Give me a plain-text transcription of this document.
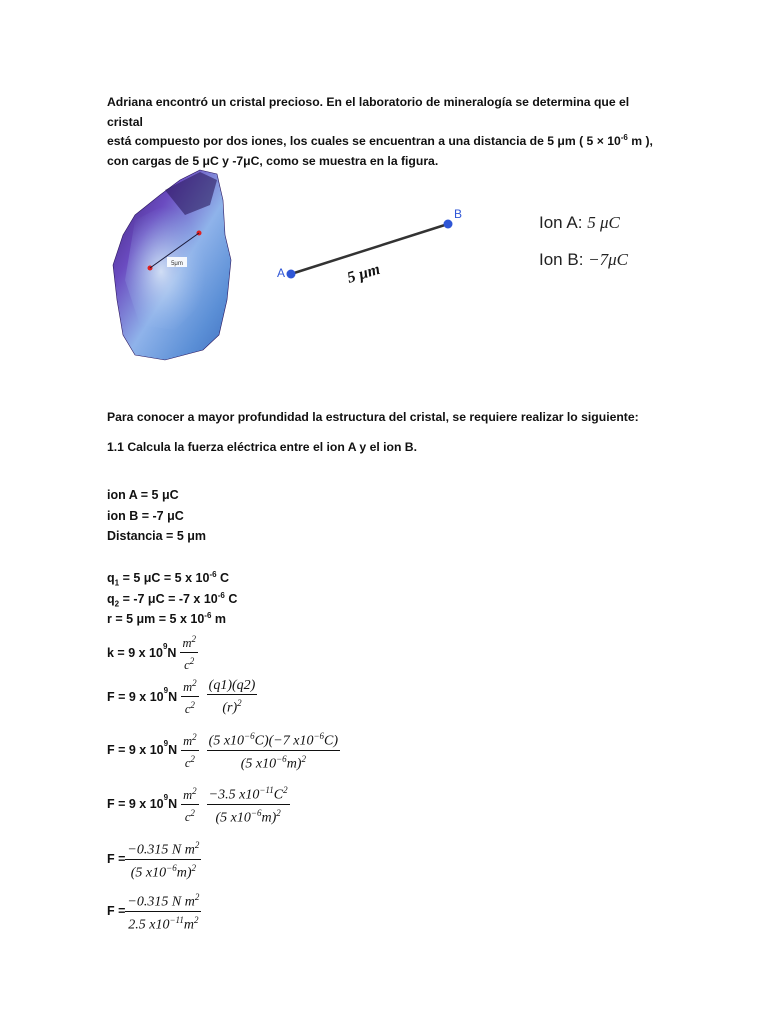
Adriana encontró un cristal precioso. En el laboratorio de mineralogía se determina que el cristal
está compuesto por dos iones, los cuales se encuentran a una distancia de 5 μm ( $5 \times 10^{-6}$ m ),
con cargas de 5 μC y -7μC, como se muestra en la figura.

5μm
A
B
5 μm
Ion A: 5 μC
Ion B: −7μC

Para conocer a mayor profundidad la estructura del cristal, se requiere realizar lo siguiente:

1.1 Calcula la fuerza eléctrica entre el ion A y el ion B.

ion A = 5 μC
ion B = -7 μC
Distancia = 5 μm
$q_1 = 5$ μC = 5 x $10^{-6}$ C
$q_2 = -7$ μC = -7 x $10^{-6}$ C
r = 5 μm = 5 x $10^{-6}$ m
k = 9 x $10^9$ N $\frac{m^2}{c^2}$
F = 9 x $10^9$ N $\frac{m^2}{c^2} \frac{(q1)(q2)}{(r)^2}$
F = 9 x $10^9$ N $\frac{m^2}{c^2} \frac{(5 x10^{-6}C)(-7 x10^{-6}C)}{(5 x10^{-6}m)^2}$
F = 9 x $10^9$ N $\frac{m^2}{c^2} \frac{-3.5 x10^{-11}C^2}{(5 x10^{-6}m)^2}$
$F = \frac{-0.315 N m^2}{(5 x10^{-6}m)^2}$
$F = \frac{-0.315 N m^2}{2.5 x10^{-11}m^2}$
